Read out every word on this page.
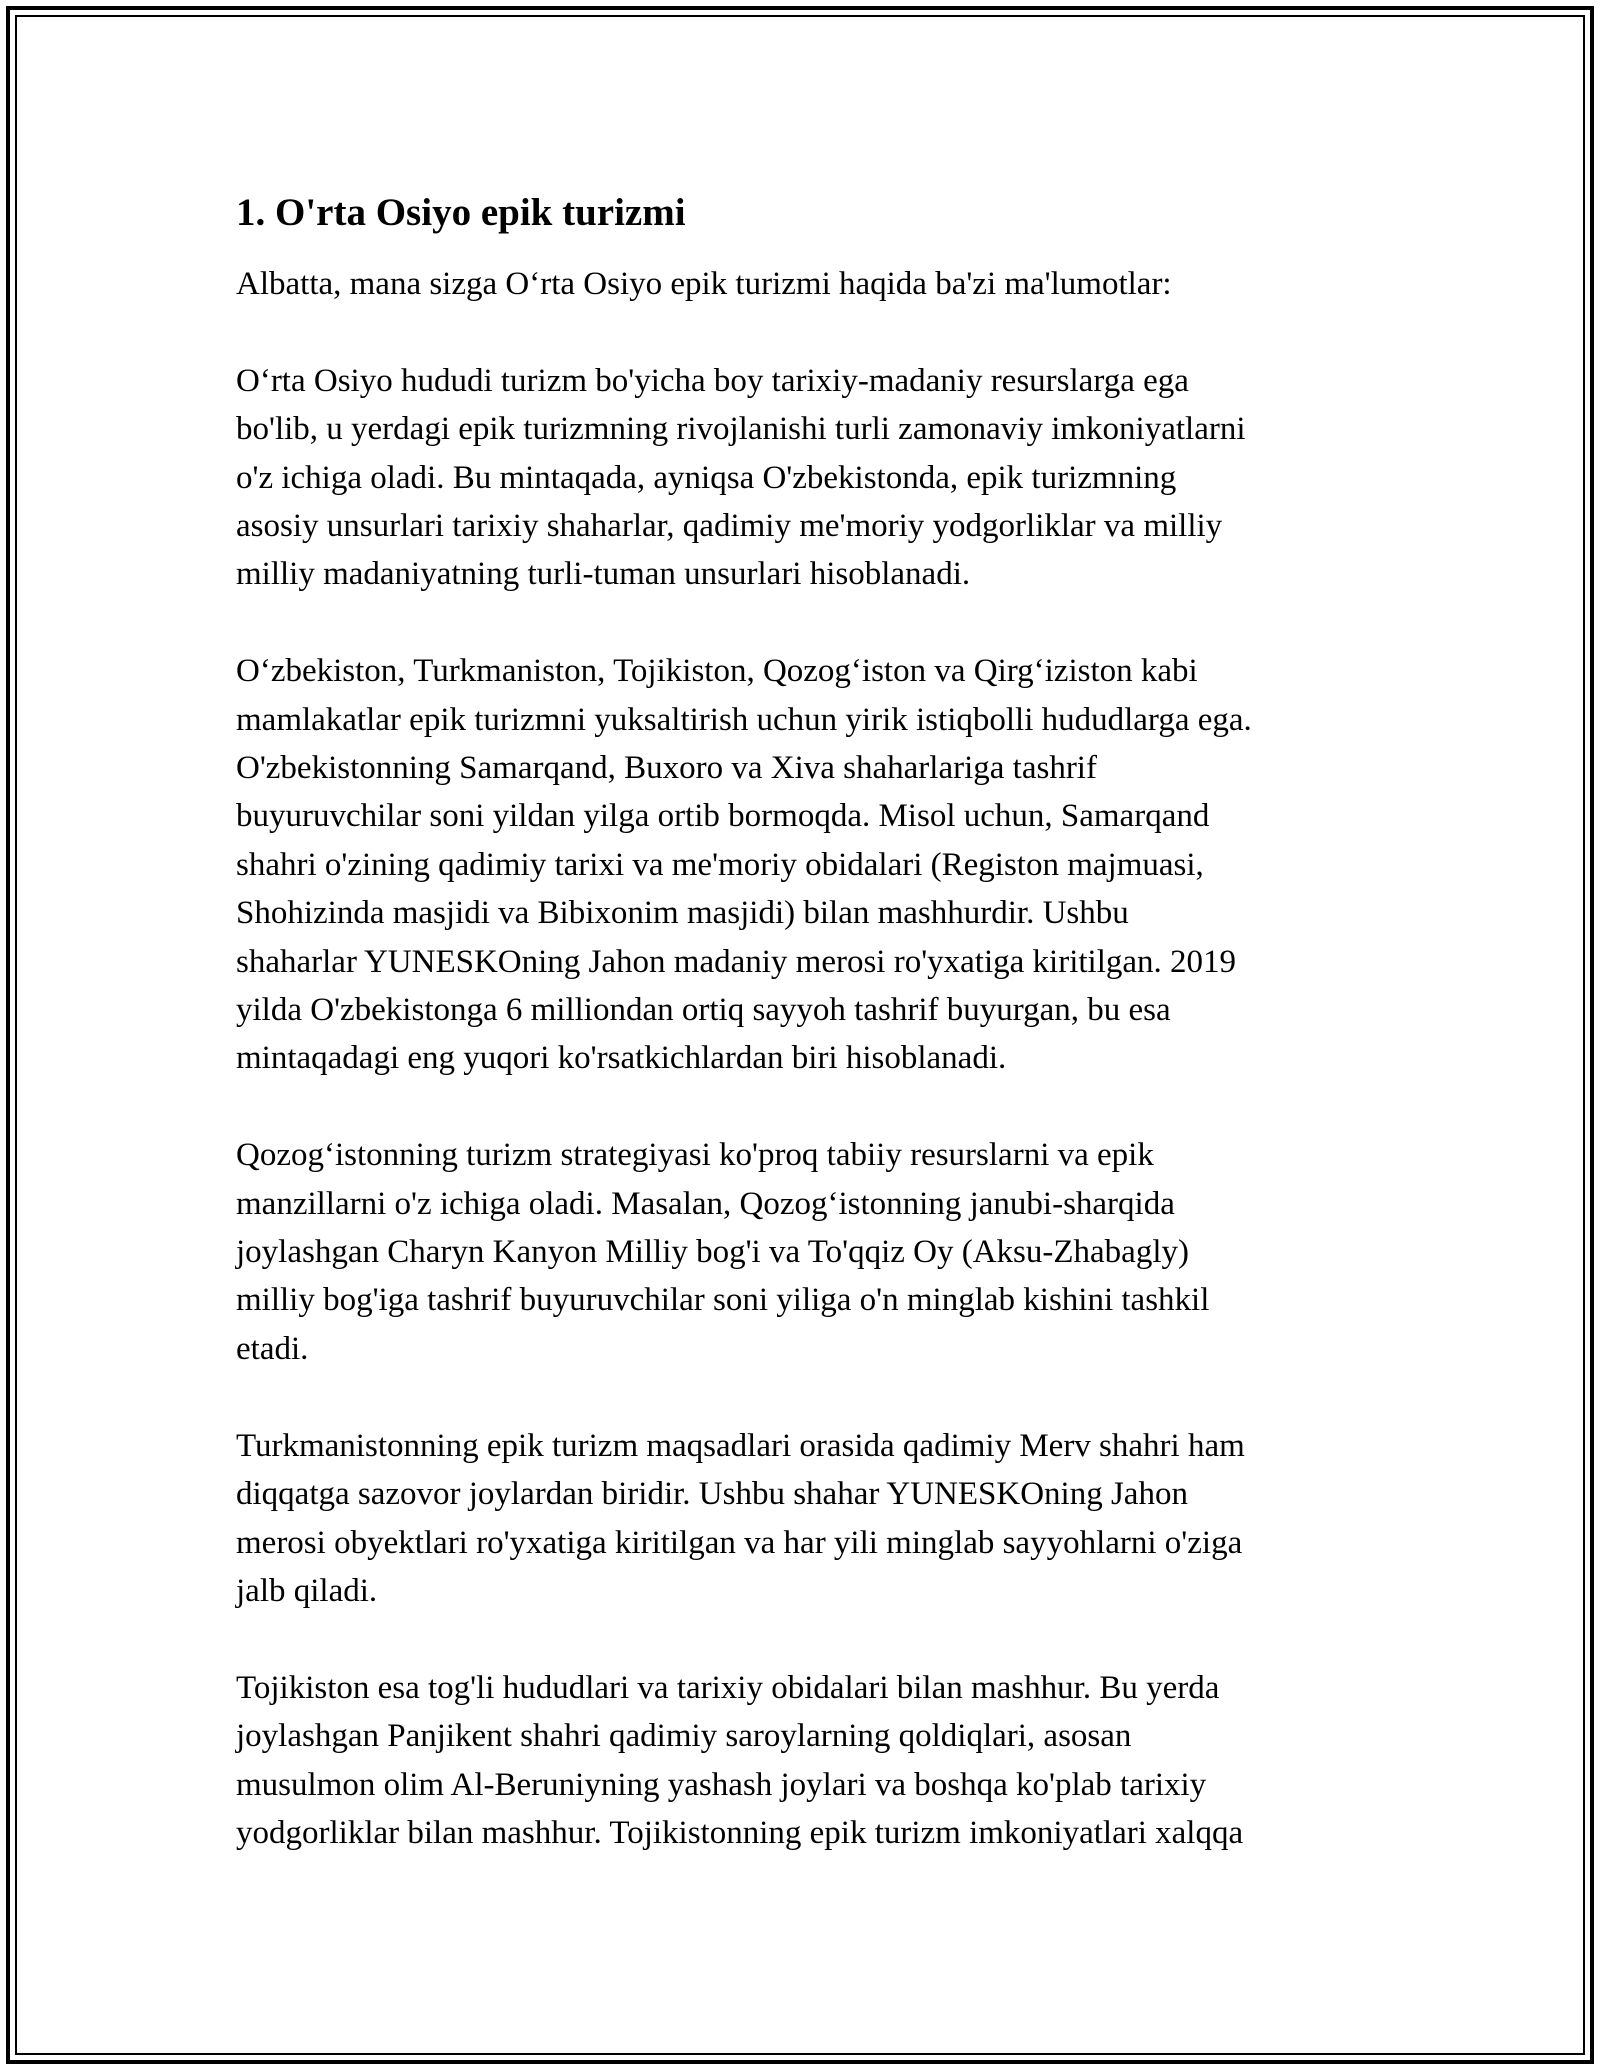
1. O'rta Osiyo epik turizmi

Albatta, mana sizga O‘rta Osiyo epik turizmi haqida ba'zi ma'lumotlar:

O‘rta Osiyo hududi turizm bo'yicha boy tarixiy-madaniy resurslarga ega
bo'lib, u yerdagi epik turizmning rivojlanishi turli zamonaviy imkoniyatlarni
o'z ichiga oladi. Bu mintaqada, ayniqsa O'zbekistonda, epik turizmning
asosiy unsurlari tarixiy shaharlar, qadimiy me'moriy yodgorliklar va milliy
milliy madaniyatning turli-tuman unsurlari hisoblanadi.

O‘zbekiston, Turkmaniston, Tojikiston, Qozog‘iston va Qirg‘iziston kabi
mamlakatlar epik turizmni yuksaltirish uchun yirik istiqbolli hududlarga ega.
O'zbekistonning Samarqand, Buxoro va Xiva shaharlariga tashrif
buyuruvchilar soni yildan yilga ortib bormoqda. Misol uchun, Samarqand
shahri o'zining qadimiy tarixi va me'moriy obidalari (Registon majmuasi,
Shohizinda masjidi va Bibixonim masjidi) bilan mashhurdir. Ushbu
shaharlar YUNESKOning Jahon madaniy merosi ro'yxatiga kiritilgan. 2019
yilda O'zbekistonga 6 milliondan ortiq sayyoh tashrif buyurgan, bu esa
mintaqadagi eng yuqori ko'rsatkichlardan biri hisoblanadi.

Qozog‘istonning turizm strategiyasi ko'proq tabiiy resurslarni va epik
manzillarni o'z ichiga oladi. Masalan, Qozog‘istonning janubi-sharqida
joylashgan Charyn Kanyon Milliy bog'i va To'qqiz Oy (Aksu-Zhabagly)
milliy bog'iga tashrif buyuruvchilar soni yiliga o'n minglab kishini tashkil
etadi.

Turkmanistonning epik turizm maqsadlari orasida qadimiy Merv shahri ham
diqqatga sazovor joylardan biridir. Ushbu shahar YUNESKOning Jahon
merosi obyektlari ro'yxatiga kiritilgan va har yili minglab sayyohlarni o'ziga
jalb qiladi.

Tojikiston esa tog'li hududlari va tarixiy obidalari bilan mashhur. Bu yerda
joylashgan Panjikent shahri qadimiy saroylarning qoldiqlari, asosan
musulmon olim Al-Beruniyning yashash joylari va boshqa ko'plab tarixiy
yodgorliklar bilan mashhur. Tojikistonning epik turizm imkoniyatlari xalqqa
